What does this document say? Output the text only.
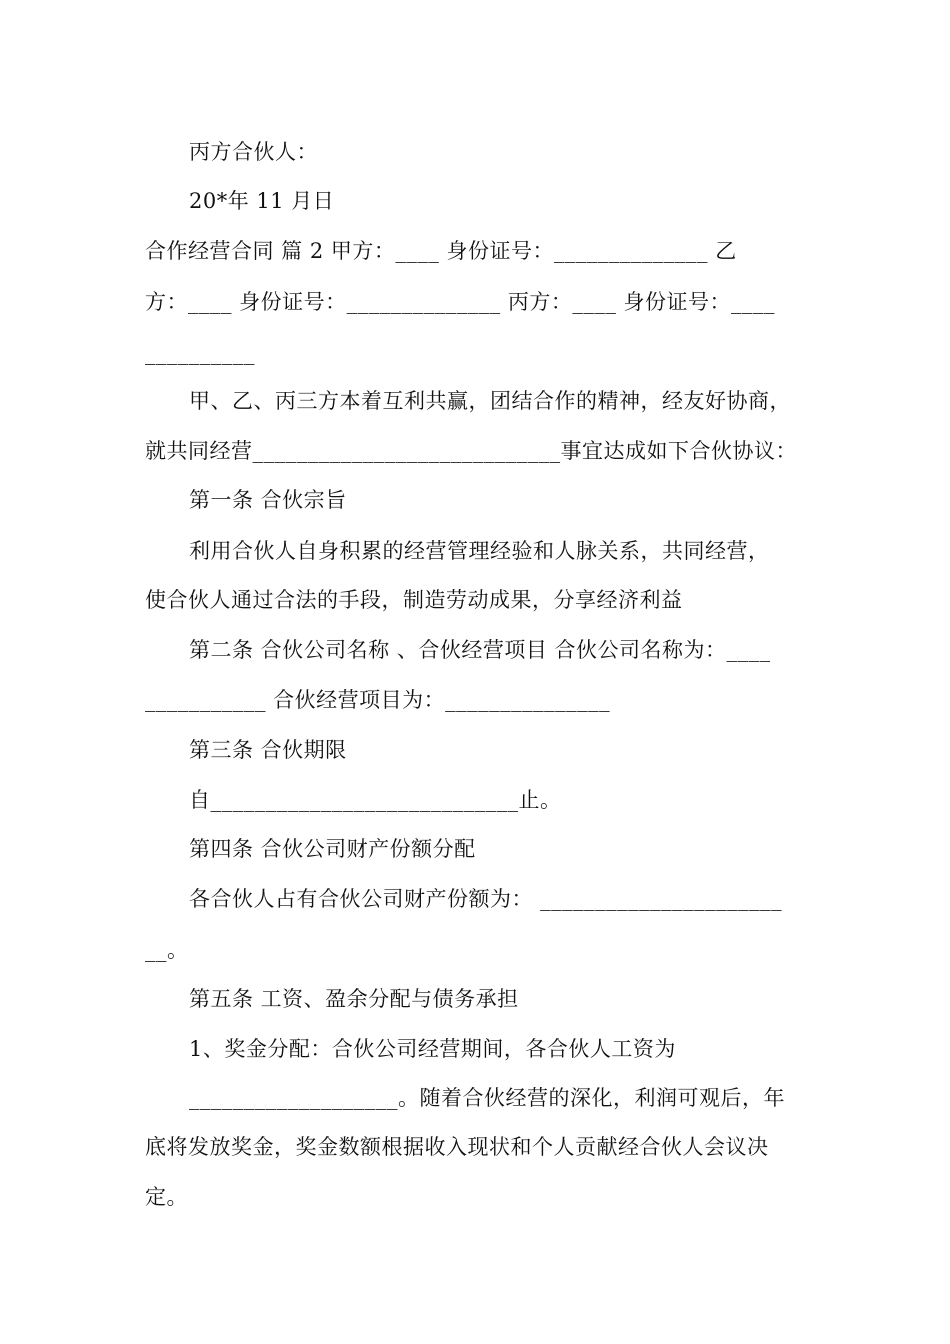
丙方合伙人：
20*年 11 月日
合作经营合同 篇 2 甲方：____ 身份证号：______________ 乙
方：____ 身份证号：______________ 丙方：____ 身份证号：____
__________
甲、乙、丙三方本着互利共赢，团结合作的精神，经友好协商，
就共同经营____________________________事宜达成如下合伙协议：
第一条 合伙宗旨
利用合伙人自身积累的经营管理经验和人脉关系，共同经营，
使合伙人通过合法的手段，制造劳动成果，分享经济利益
第二条 合伙公司名称 、合伙经营项目 合伙公司名称为：____
___________ 合伙经营项目为：_______________
第三条 合伙期限
自____________________________止。
第四条 合伙公司财产份额分配
各合伙人占有合伙公司财产份额为： ______________________
__。
第五条 工资、盈余分配与债务承担
1、奖金分配：合伙公司经营期间，各合伙人工资为
___________________。随着合伙经营的深化，利润可观后，年
底将发放奖金，奖金数额根据收入现状和个人贡献经合伙人会议决
定。
